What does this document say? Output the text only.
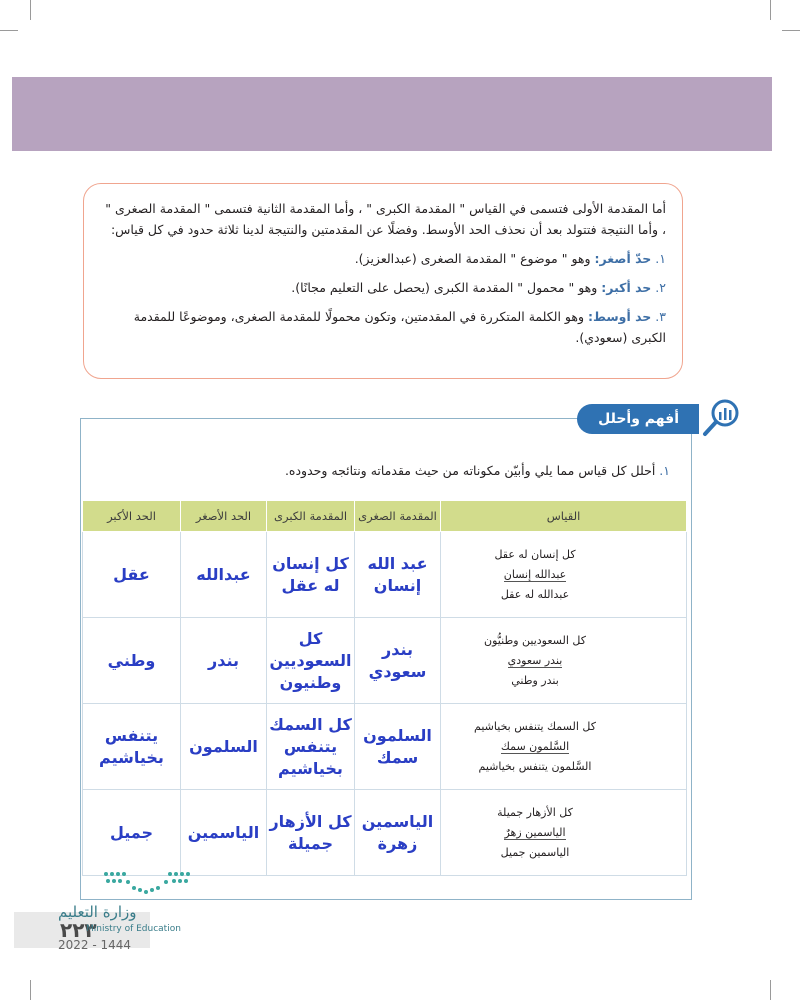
أما المقدمة الأولى فتسمى في القياس " المقدمة الكبرى " ، وأما المقدمة الثانية فتسمى " المقدمة الصغرى " ، وأما النتيجة فتتولد بعد أن نحذف الحد الأوسط. وفضلًا عن المقدمتين والنتيجة لدينا ثلاثة حدود في كل قياس:

١. حدّ أصغر: وهو " موضوع " المقدمة الصغرى (عبدالعزيز).
٢. حد أكبر: وهو " محمول " المقدمة الكبرى (يحصل على التعليم مجانًا).
٣. حد أوسط: وهو الكلمة المتكررة في المقدمتين، وتكون محمولًا للمقدمة الصغرى، وموضوعًا للمقدمة الكبرى (سعودي).
أفهم وأحلل (١)
١. أحلل كل قياس مما يلي وأبيّن مكوناته من حيث مقدماته ونتائجه وحدوده.
القياس	المقدمة الصغرى	المقدمة الكبرى	الحد الأصغر	الحد الأكبر

كل إنسان له عقل
عبدالله إنسان
عبدالله له عقل	عبد الله إنسان	كل إنسان له عقل	عبدالله	عقل

كل السعوديين وطنيُّون
بندر سعودي
بندر وطني	بندر سعودي	كل السعوديين وطنيون	بندر	وطني

كل السمك يتنفس بخياشيم
السَّلمون سمك
السَّلمون يتنفس بخياشيم	السلمون سمك	كل السمك يتنفس بخياشيم	السلمون	يتنفس بخياشيم

كل الأزهار جميلة
الياسمين زهرٌ
الياسمين جميل	الياسمين زهرة	كل الأزهار جميلة	الياسمين	جميل
٢٢٣
وزارة التعليم
Ministry of Education
2022 - 1444
